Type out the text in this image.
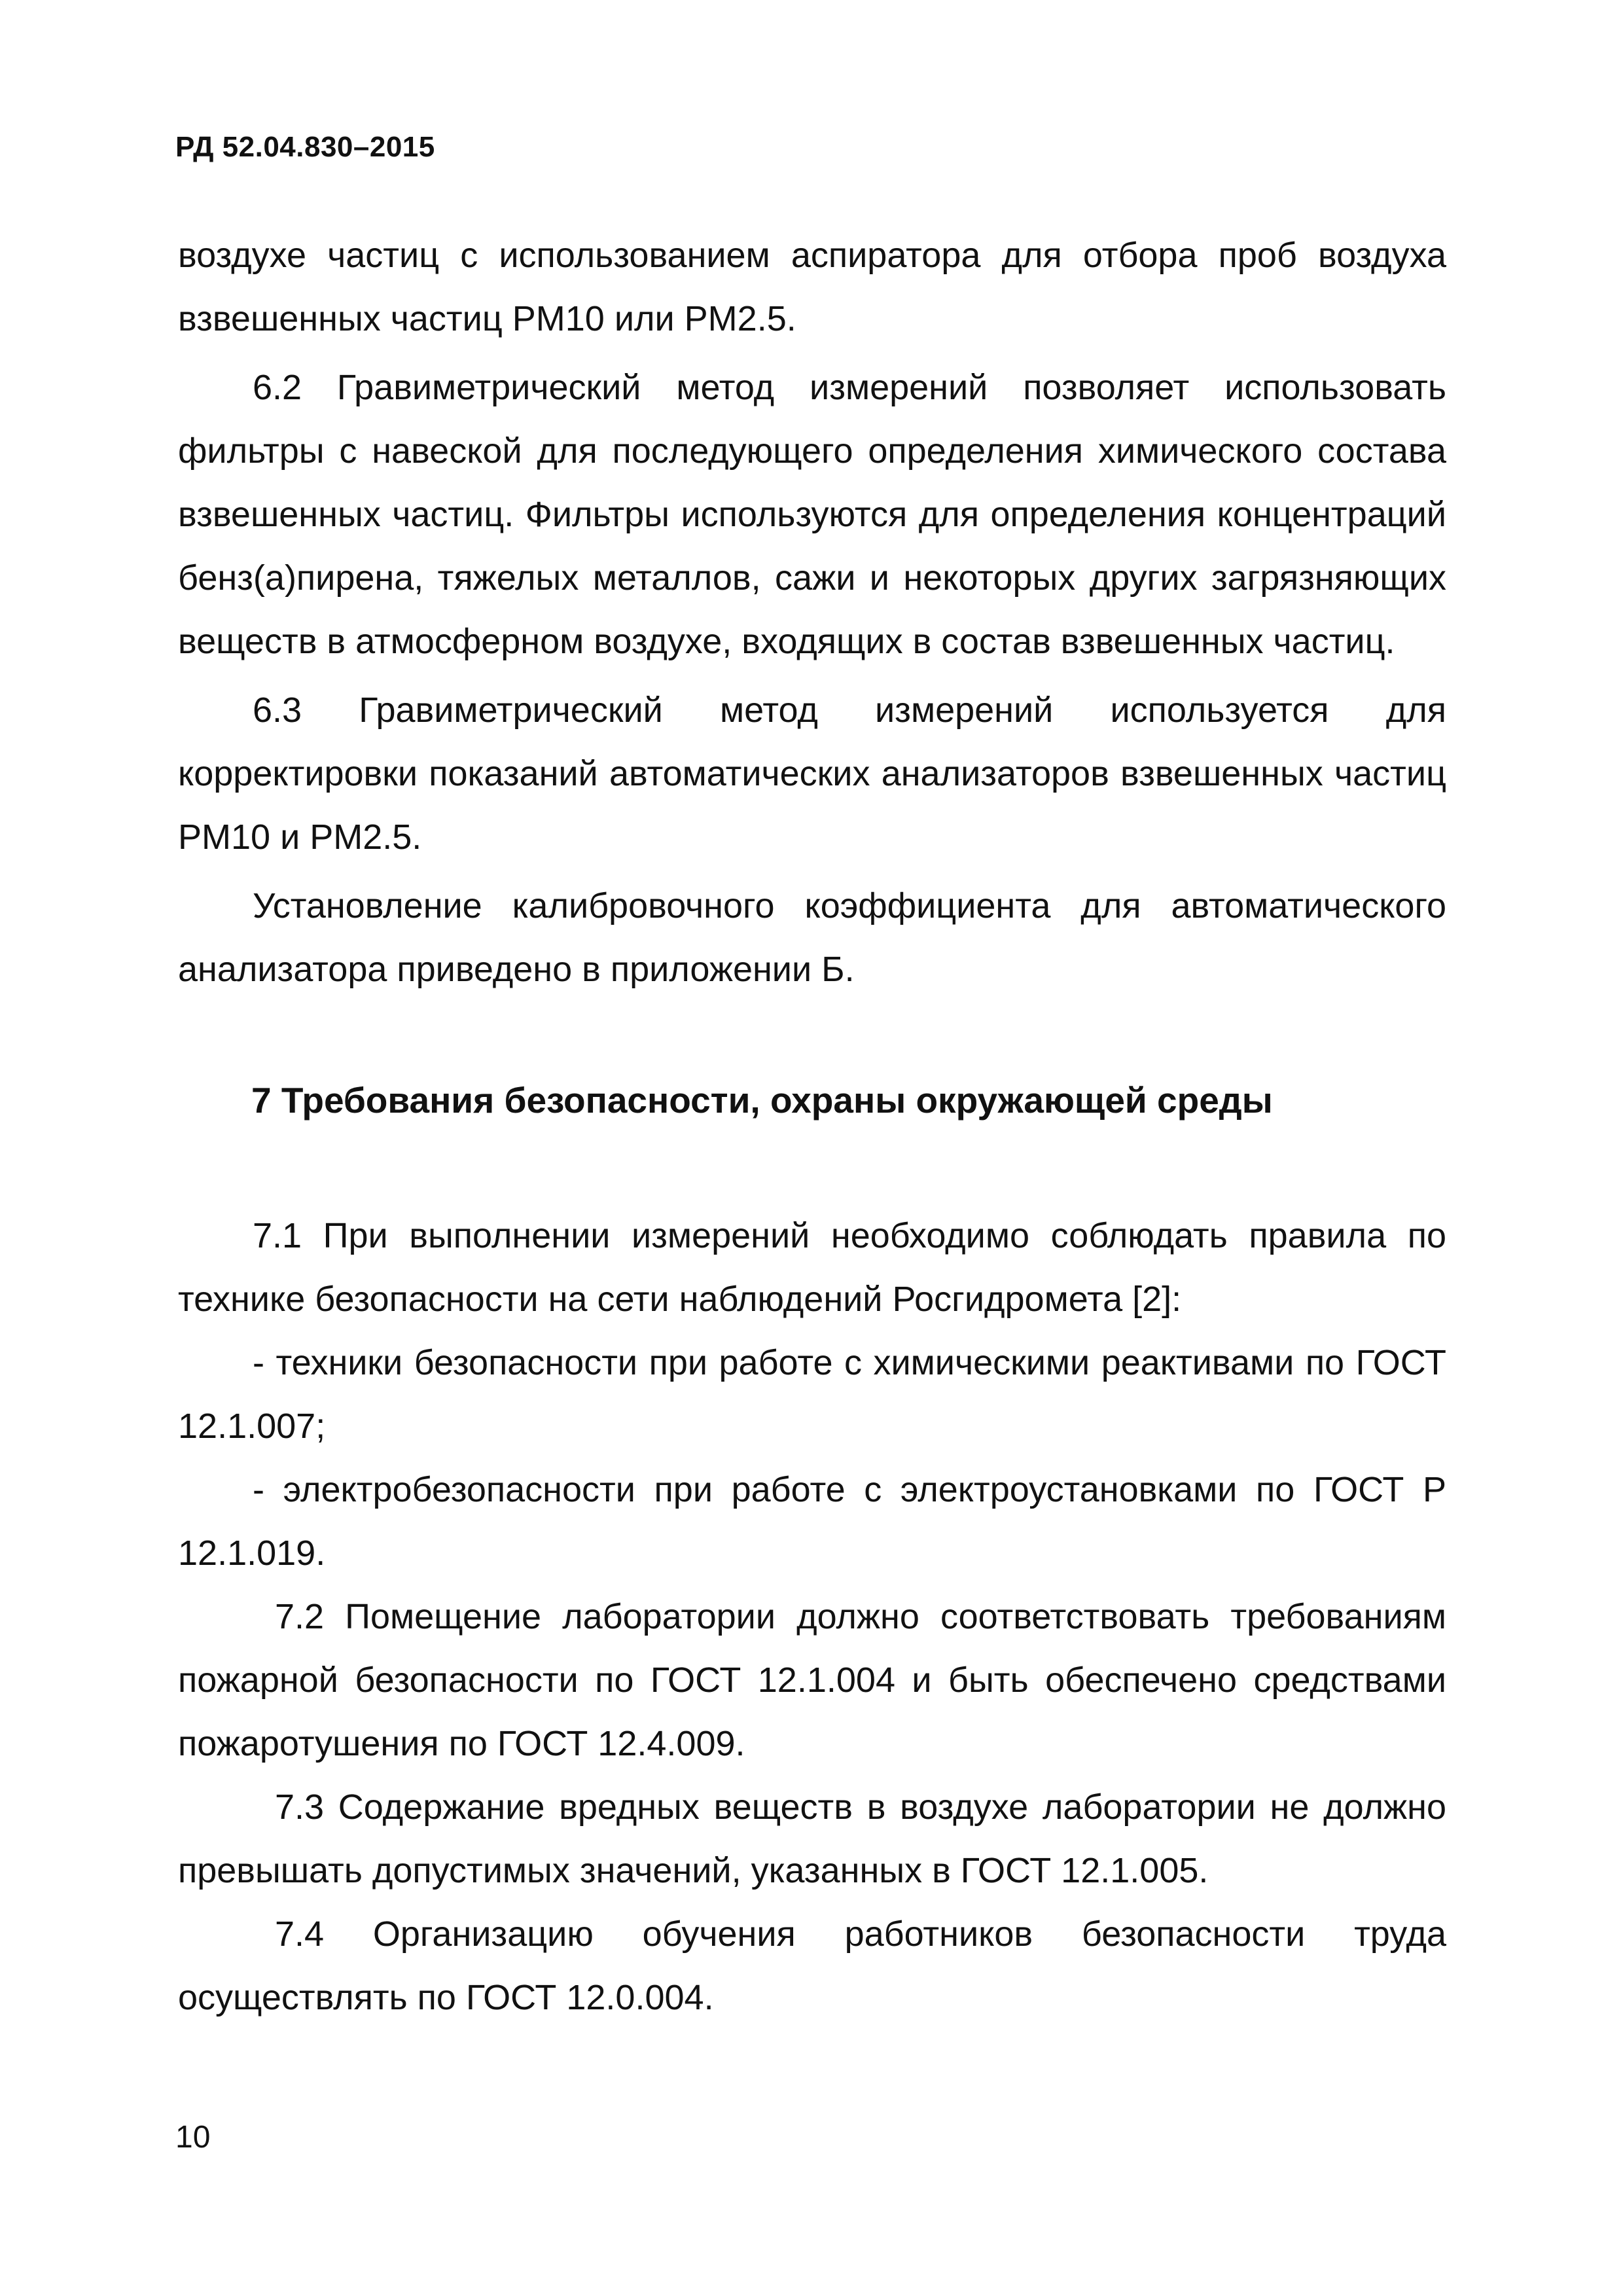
РД 52.04.830–2015

воздухе частиц с использованием аспиратора для отбора проб воздуха взвешенных частиц PM10 или PM2.5.

6.2 Гравиметрический метод измерений позволяет использовать фильтры с навеской для последующего определения химического состава взвешенных частиц. Фильтры используются для определения концентраций бенз(а)пирена, тяжелых металлов, сажи и некоторых других загрязняющих веществ в атмосферном воздухе, входящих в состав взвешенных частиц.

6.3 Гравиметрический метод измерений используется для корректировки показаний автоматических анализаторов взвешенных частиц PM10 и PM2.5.

Установление калибровочного коэффициента для автоматического анализатора приведено в приложении Б.

7 Требования безопасности, охраны окружающей среды

7.1 При выполнении измерений необходимо соблюдать правила по технике безопасности на сети наблюдений Росгидромета [2]:

- техники безопасности при работе с химическими реактивами по ГОСТ 12.1.007;

- электробезопасности при работе с электроустановками по ГОСТ Р 12.1.019.

7.2 Помещение лаборатории должно соответствовать требованиям пожарной безопасности по ГОСТ 12.1.004 и быть обеспечено средствами пожаротушения по ГОСТ 12.4.009.

7.3 Содержание вредных веществ в воздухе лаборатории не должно превышать допустимых значений, указанных в ГОСТ 12.1.005.

7.4 Организацию обучения работников безопасности труда осуществлять по ГОСТ 12.0.004.

10
